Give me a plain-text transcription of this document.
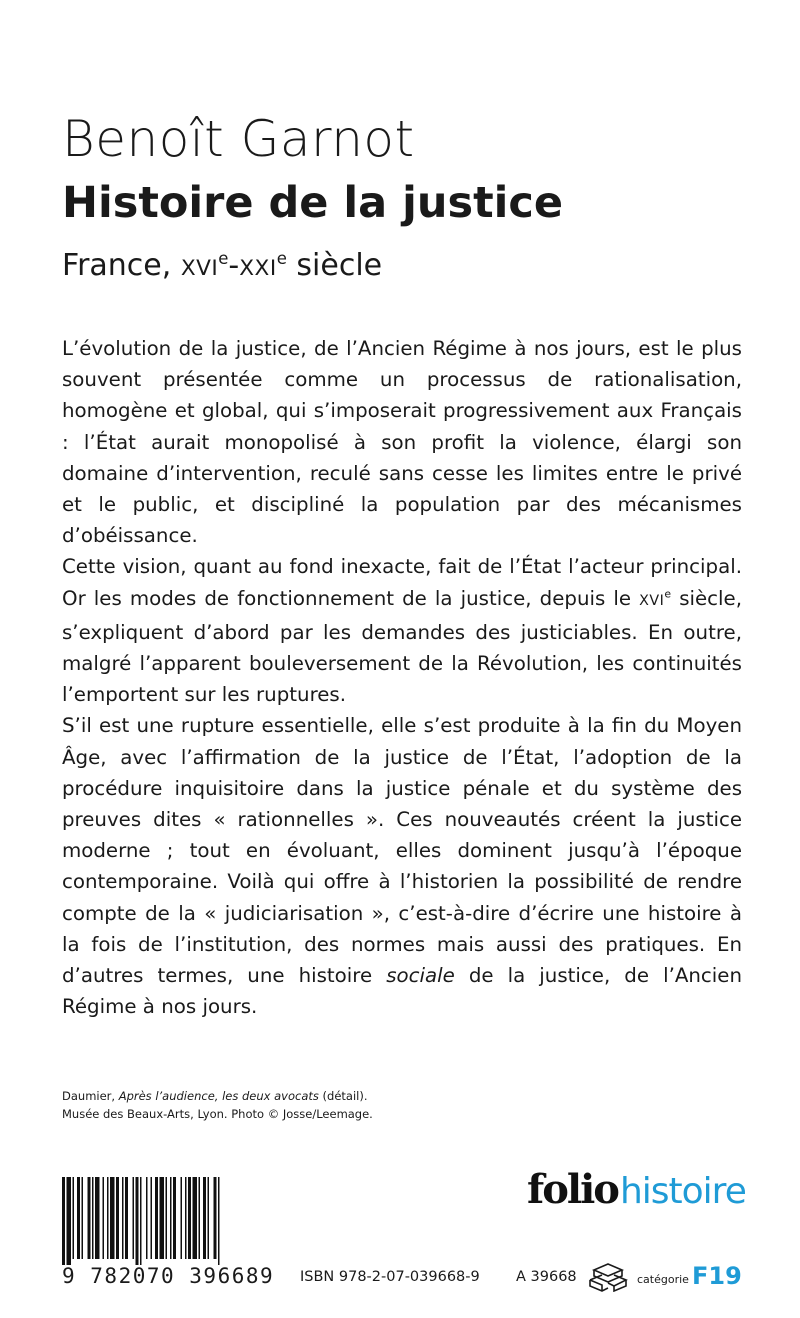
Benoît Garnot
Histoire de la justice
France, XVIe-XXIe siècle

L’évolution de la justice, de l’Ancien Régime à nos jours, est le plus souvent présentée comme un processus de rationalisation, homogène et global, qui s’imposerait progressivement aux Français : l’État aurait monopolisé à son profit la violence, élargi son domaine d’intervention, reculé sans cesse les limites entre le privé et le public, et discipliné la population par des mécanismes d’obéissance.

Cette vision, quant au fond inexacte, fait de l’État l’acteur principal. Or les modes de fonctionnement de la justice, depuis le XVIe siècle, s’expliquent d’abord par les demandes des justiciables. En outre, malgré l’apparent bouleversement de la Révolution, les continuités l’emportent sur les ruptures.

S’il est une rupture essentielle, elle s’est produite à la fin du Moyen Âge, avec l’affirmation de la justice de l’État, l’adoption de la procédure inquisitoire dans la justice pénale et du système des preuves dites « rationnelles ». Ces nouveautés créent la justice moderne ; tout en évoluant, elles dominent jusqu’à l’époque contemporaine. Voilà qui offre à l’historien la possibilité de rendre compte de la « judiciarisation », c’est-à-dire d’écrire une histoire à la fois de l’institution, des normes mais aussi des pratiques. En d’autres termes, une histoire sociale de la justice, de l’Ancien Régime à nos jours.

Daumier, Après l’audience, les deux avocats (détail).
Musée des Beaux-Arts, Lyon. Photo © Josse/Leemage.
9 782070 396689 ISBN 978-2-07-039668-9	A 39668
foliohistoire
catégorie F19
